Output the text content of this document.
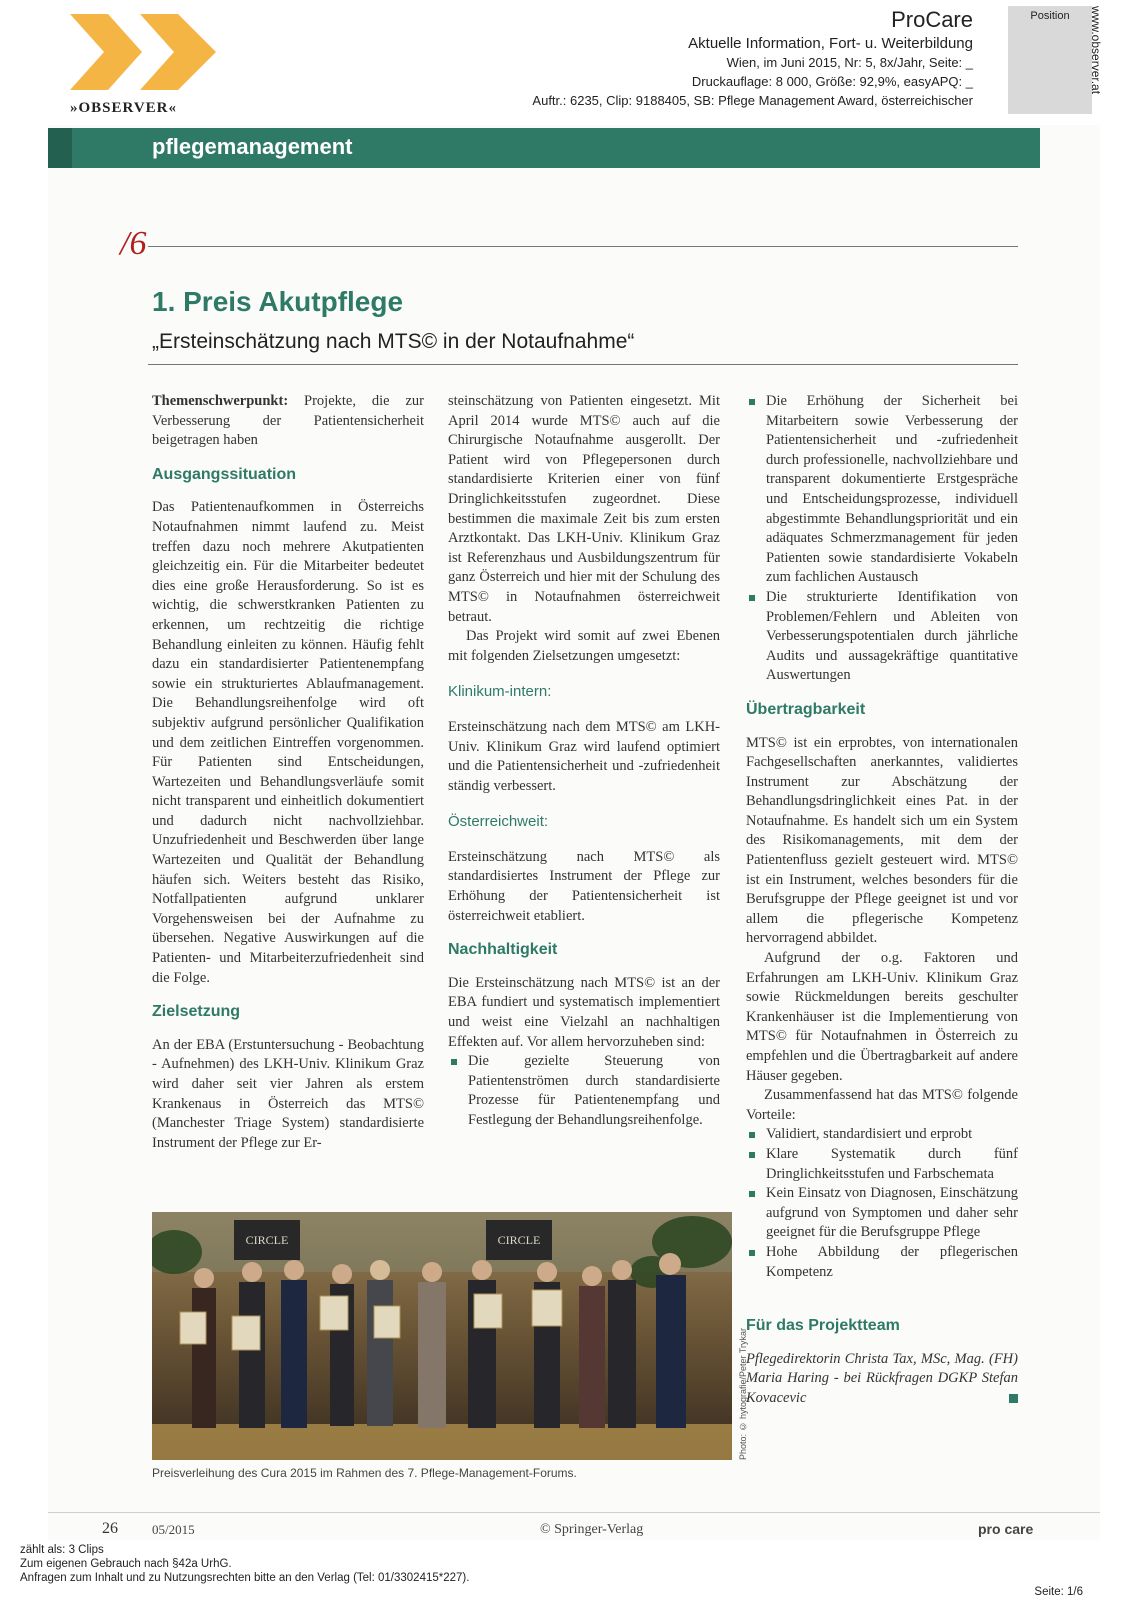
»OBSERVER«
ProCare
Aktuelle Information, Fort- u. Weiterbildung
Wien, im Juni 2015, Nr: 5, 8x/Jahr, Seite: _
Druckauflage: 8 000, Größe: 92,9%, easyAPQ: _
Auftr.: 6235, Clip: 9188405, SB: Pflege Management Award, österreichischer
Position	www.observer.at
pflegemanagement
/6
1. Preis Akutpflege
„Ersteinschätzung nach MTS© in der Notaufnahme“

Themenschwerpunkt: Projekte, die zur Verbesserung der Patientensicherheit beigetragen haben

Ausgangssituation

Das Patientenaufkommen in Österreichs Notaufnahmen nimmt laufend zu. Meist treffen dazu noch mehrere Akutpatienten gleichzeitig ein. Für die Mitarbeiter bedeutet dies eine große Herausforderung. So ist es wichtig, die schwerstkranken Patienten zu erkennen, um rechtzeitig die richtige Behandlung einleiten zu können. Häufig fehlt dazu ein standardisierter Patientenempfang sowie ein strukturiertes Ablaufmanagement. Die Behandlungsreihenfolge wird oft subjektiv aufgrund persönlicher Qualifikation und dem zeitlichen Eintreffen vorgenommen. Für Patienten sind Entscheidungen, Wartezeiten und Behandlungsverläufe somit nicht transparent und einheitlich dokumentiert und dadurch nicht nachvollziehbar. Unzufriedenheit und Beschwerden über lange Wartezeiten und Qualität der Behandlung häufen sich. Weiters besteht das Risiko, Notfallpatienten aufgrund unklarer Vorgehensweisen bei der Aufnahme zu übersehen. Negative Auswirkungen auf die Patienten- und Mitarbeiterzufriedenheit sind die Folge.

Zielsetzung

An der EBA (Erstuntersuchung - Beobachtung - Aufnehmen) des LKH-Univ. Klinikum Graz wird daher seit vier Jahren als erstem Krankenaus in Österreich das MTS© (Manchester Triage System) standardisierte Instrument der Pflege zur Er-

steinschätzung von Patienten eingesetzt. Mit April 2014 wurde MTS© auch auf die Chirurgische Notaufnahme ausgerollt. Der Patient wird von Pflegepersonen durch standardisierte Kriterien einer von fünf Dringlichkeitsstufen zugeordnet. Diese bestimmen die maximale Zeit bis zum ersten Arztkontakt. Das LKH-Univ. Klinikum Graz ist Referenzhaus und Ausbildungszentrum für ganz Österreich und hier mit der Schulung des MTS© in Notaufnahmen österreichweit betraut.

Das Projekt wird somit auf zwei Ebenen mit folgenden Zielsetzungen umgesetzt:

Klinikum-intern:

Ersteinschätzung nach dem MTS© am LKH-Univ. Klinikum Graz wird laufend optimiert und die Patientensicherheit und -zufriedenheit ständig verbessert.

Österreichweit:

Ersteinschätzung nach MTS© als standardisiertes Instrument der Pflege zur Erhöhung der Patientensicherheit ist österreichweit etabliert.

Nachhaltigkeit

Die Ersteinschätzung nach MTS© ist an der EBA fundiert und systematisch implementiert und weist eine Vielzahl an nachhaltigen Effekten auf. Vor allem hervorzuheben sind:

Die gezielte Steuerung von Patientenströmen durch standardisierte Prozesse für Patientenempfang und Festlegung der Behandlungsreihenfolge.
Die Erhöhung der Sicherheit bei Mitarbeitern sowie Verbesserung der Patientensicherheit und -zufriedenheit durch professionelle, nachvollziehbare und transparent dokumentierte Erstgespräche und Entscheidungsprozesse, individuell abgestimmte Behandlungspriorität und ein adäquates Schmerzmanagement für jeden Patienten sowie standardisierte Vokabeln zum fachlichen Austausch
Die strukturierte Identifikation von Problemen/Fehlern und Ableiten von Verbesserungspotentialen durch jährliche Audits und aussagekräftige quantitative Auswertungen
Übertragbarkeit

MTS© ist ein erprobtes, von internationalen Fachgesellschaften anerkanntes, validiertes Instrument zur Abschätzung der Behandlungsdringlichkeit eines Pat. in der Notaufnahme. Es handelt sich um ein System des Risikomanagements, mit dem der Patientenfluss gezielt gesteuert wird. MTS© ist ein Instrument, welches besonders für die Berufsgruppe der Pflege geeignet ist und vor allem die pflegerische Kompetenz hervorragend abbildet.

Aufgrund der o.g. Faktoren und Erfahrungen am LKH-Univ. Klinikum Graz sowie Rückmeldungen bereits geschulter Krankenhäuser ist die Implementierung von MTS© für Notaufnahmen in Österreich zu empfehlen und die Übertragbarkeit auf andere Häuser gegeben.

Zusammenfassend hat das MTS© folgende Vorteile:

Validiert, standardisiert und erprobt
Klare Systematik durch fünf Dringlichkeitsstufen und Farbschemata
Kein Einsatz von Diagnosen, Einschätzung aufgrund von Symptomen und daher sehr geeignet für die Berufsgruppe Pflege
Hohe Abbildung der pflegerischen Kompetenz
Für das Projektteam

Pflegedirektorin Christa Tax, MSc, Mag. (FH) Maria Haring - bei Rückfragen DGKP Stefan Kovacevic

CIRCLE	CIRCLE
Photo: © hytografie/Peter Trykar
Preisverleihung des Cura 2015 im Rahmen des 7. Pflege-Management-Forums.
26	05/2015	© Springer-Verlag	pro care
zählt als: 3 Clips
Zum eigenen Gebrauch nach §42a UrhG.
Anfragen zum Inhalt und zu Nutzungsrechten bitte an den Verlag (Tel: 01/3302415*227).
Seite: 1/6
